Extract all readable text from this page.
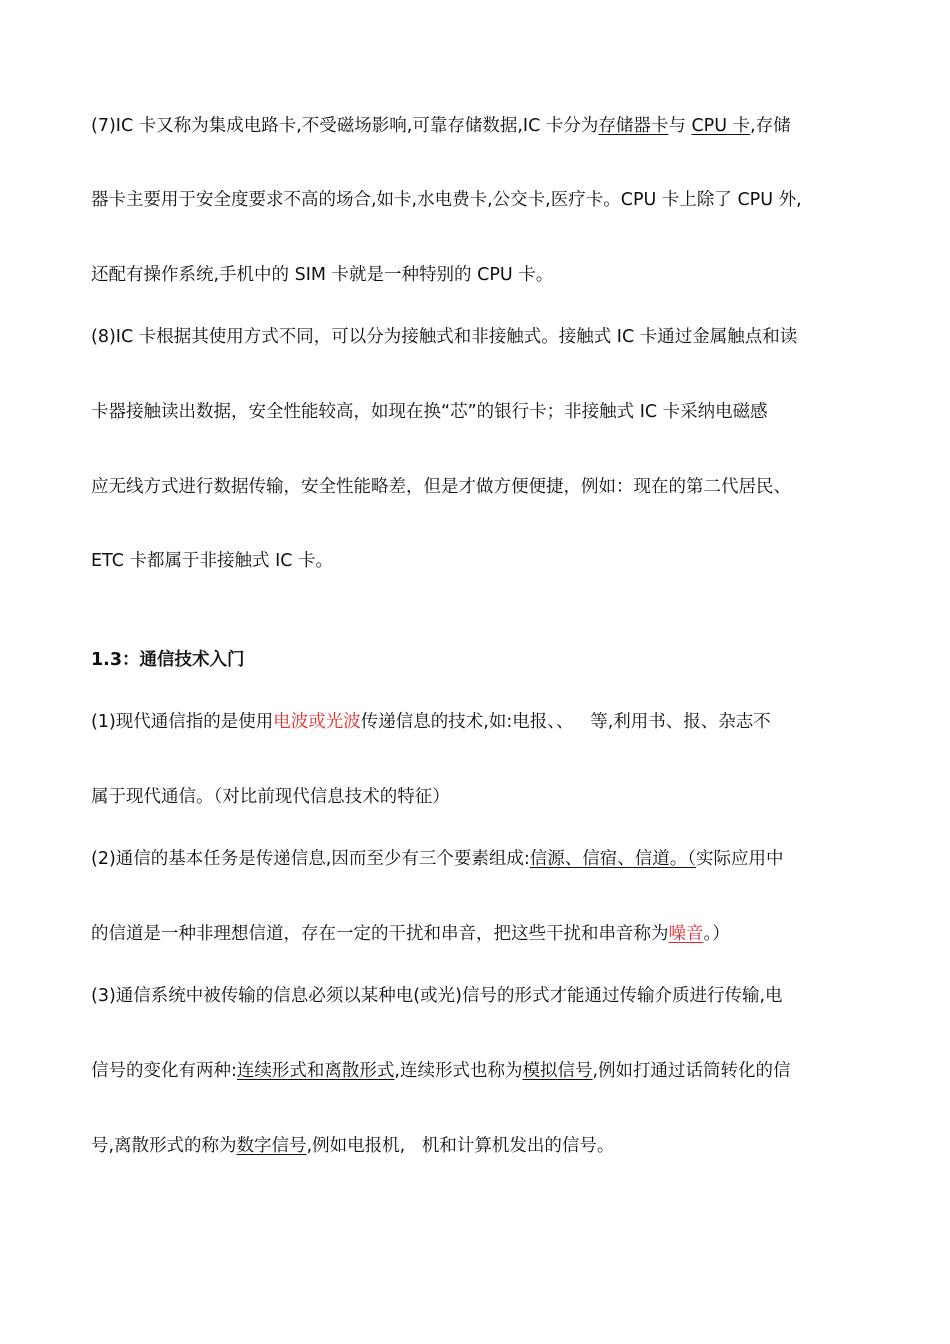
(7)IC 卡又称为集成电路卡,不受磁场影响,可靠存储数据,IC 卡分为存储器卡与 CPU 卡,存储
器卡主要用于安全度要求不高的场合,如卡,水电费卡,公交卡,医疗卡。CPU 卡上除了 CPU 外,
还配有操作系统,手机中的 SIM 卡就是一种特别的 CPU 卡。
(8)IC 卡根据其使用方式不同，可以分为接触式和非接触式。接触式 IC 卡通过金属触点和读
卡器接触读出数据，安全性能较高，如现在换“芯”的银行卡；非接触式 IC 卡采纳电磁感
应无线方式进行数据传输，安全性能略差，但是才做方便便捷，例如：现在的第二代居民、
ETC 卡都属于非接触式 IC 卡。
1.3：通信技术入门
(1)现代通信指的是使用电波或光波传递信息的技术,如:电报、、   等,利用书、报、杂志不
属于现代通信。（对比前现代信息技术的特征）
(2)通信的基本任务是传递信息,因而至少有三个要素组成:信源、信宿、信道。（实际应用中
的信道是一种非理想信道，存在一定的干扰和串音，把这些干扰和串音称为噪音。）
(3)通信系统中被传输的信息必须以某种电(或光)信号的形式才能通过传输介质进行传输,电
信号的变化有两种:连续形式和离散形式,连续形式也称为模拟信号,例如打通过话筒转化的信
号,离散形式的称为数字信号,例如电报机,   机和计算机发出的信号。
